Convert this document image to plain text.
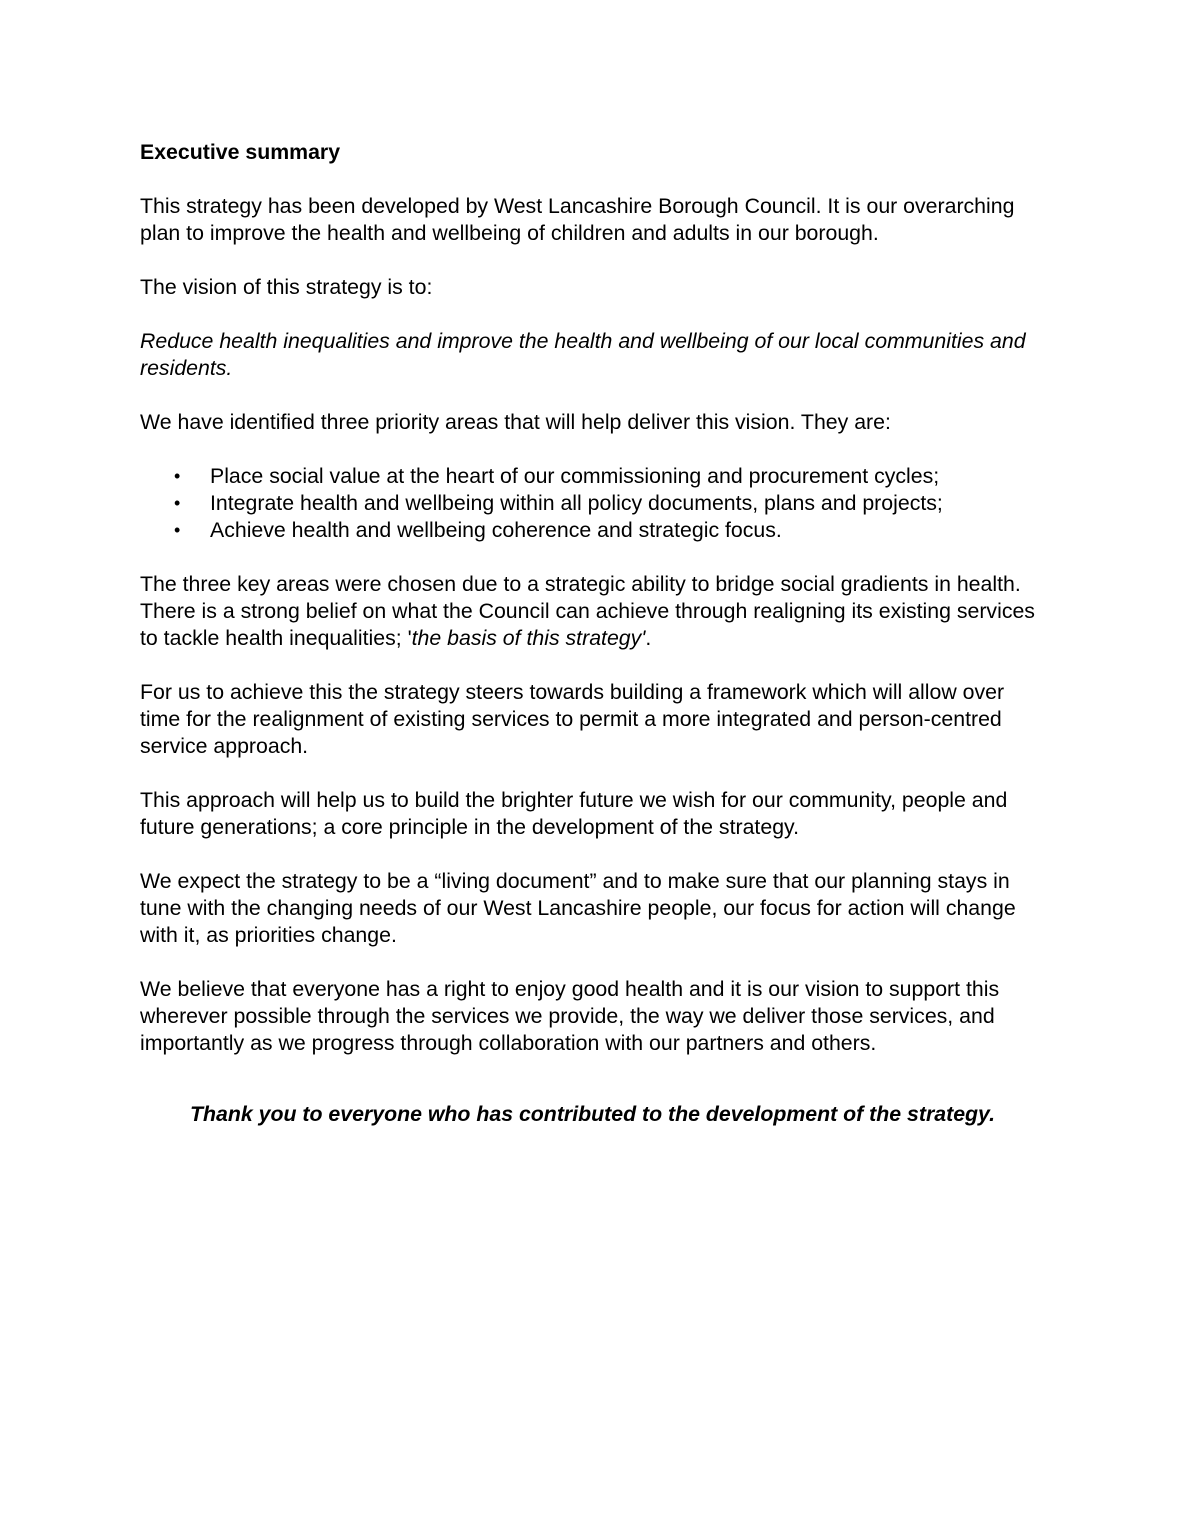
Executive summary

This strategy has been developed by West Lancashire Borough Council. It is our overarching plan to improve the health and wellbeing of children and adults in our borough.

The vision of this strategy is to:

Reduce health inequalities and improve the health and wellbeing of our local communities and residents.

We have identified three priority areas that will help deliver this vision. They are:

• Place social value at the heart of our commissioning and procurement cycles;
• Integrate health and wellbeing within all policy documents, plans and projects;
• Achieve health and wellbeing coherence and strategic focus.

The three key areas were chosen due to a strategic ability to bridge social gradients in health. There is a strong belief on what the Council can achieve through realigning its existing services to tackle health inequalities; 'the basis of this strategy'.

For us to achieve this the strategy steers towards building a framework which will allow over time for the realignment of existing services to permit a more integrated and person-centred service approach.

This approach will help us to build the brighter future we wish for our community, people and future generations; a core principle in the development of the strategy.

We expect the strategy to be a “living document” and to make sure that our planning stays in tune with the changing needs of our West Lancashire people, our focus for action will change with it, as priorities change.

We believe that everyone has a right to enjoy good health and it is our vision to support this wherever possible through the services we provide, the way we deliver those services, and importantly as we progress through collaboration with our partners and others.

Thank you to everyone who has contributed to the development of the strategy.
